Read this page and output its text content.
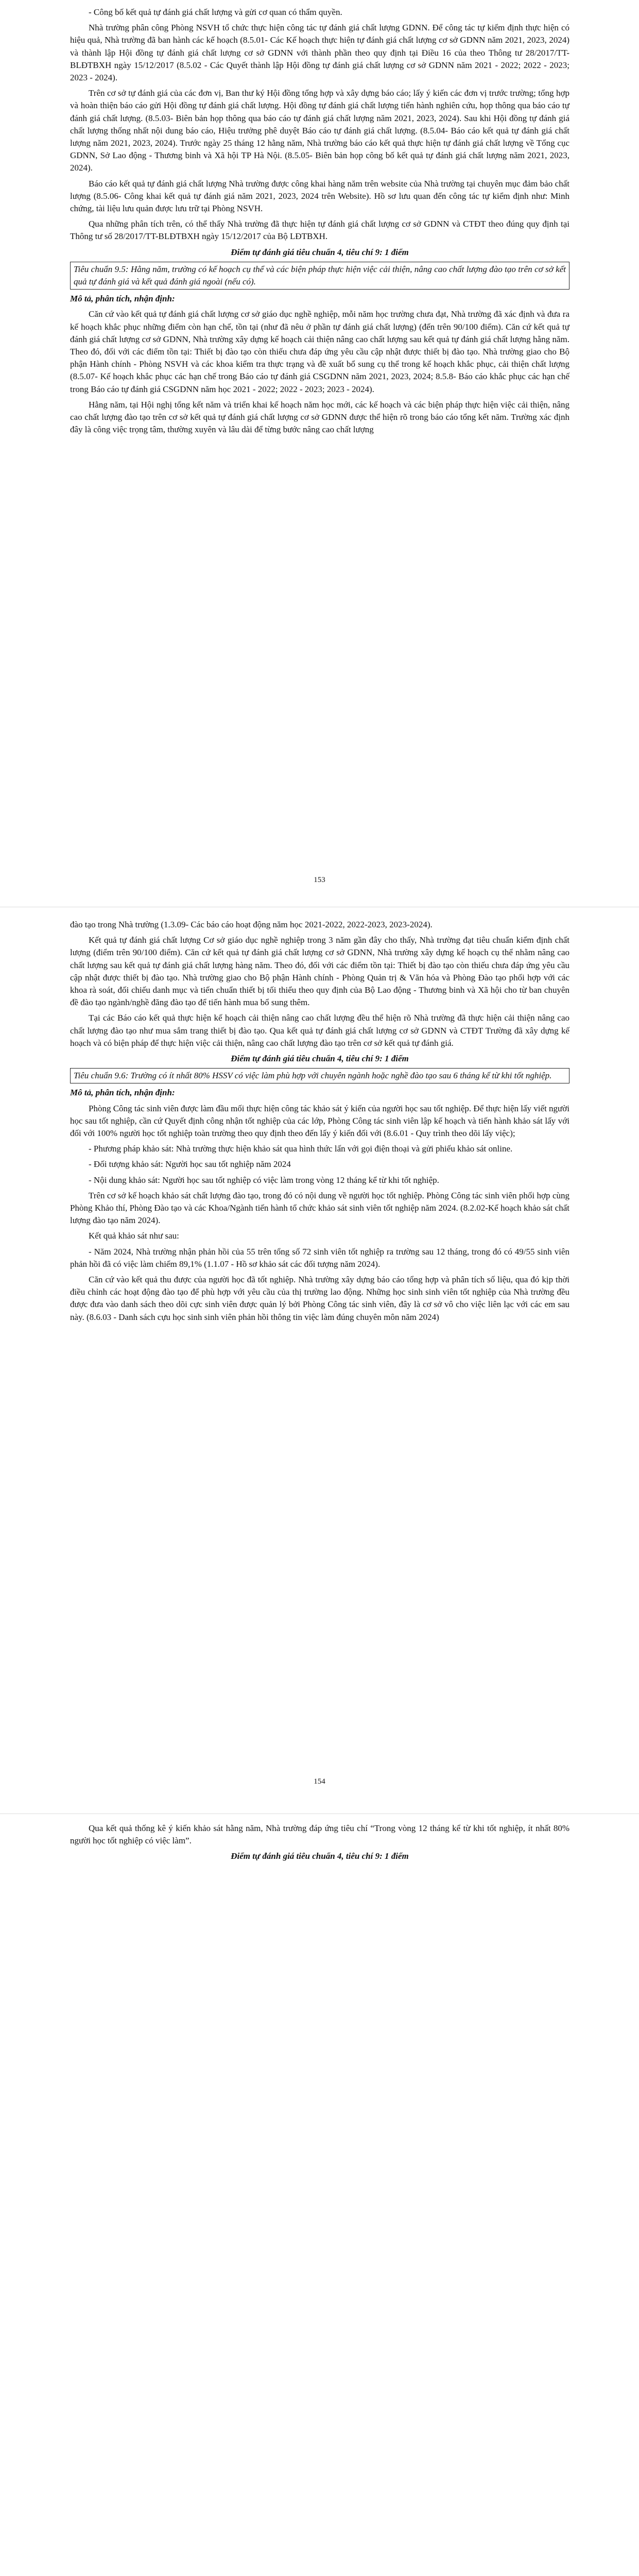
- Công bố kết quả tự đánh giá chất lượng và gửi cơ quan có thẩm quyền.

Nhà trường phân công Phòng NSVH tổ chức thực hiện công tác tự đánh giá chất lượng GDNN. Để công tác tự kiểm định thực hiện có hiệu quả, Nhà trường đã ban hành các kế hoạch (8.5.01- Các Kế hoạch thực hiện tự đánh giá chất lượng cơ sở GDNN năm 2021, 2023, 2024) và thành lập Hội đồng tự đánh giá chất lượng cơ sở GDNN với thành phần theo quy định tại Điều 16 của theo Thông tư 28/2017/TT-BLĐTBXH ngày 15/12/2017 (8.5.02 - Các Quyết thành lập Hội đồng tự đánh giá chất lượng cơ sở GDNN năm 2021 - 2022; 2022 - 2023; 2023 - 2024).

Trên cơ sở tự đánh giá của các đơn vị, Ban thư ký Hội đồng tổng hợp và xây dựng báo cáo; lấy ý kiến các đơn vị trước trường; tổng hợp và hoàn thiện báo cáo gửi Hội đồng tự đánh giá chất lượng. Hội đồng tự đánh giá chất lượng tiến hành nghiên cứu, họp thông qua báo cáo tự đánh giá chất lượng. (8.5.03- Biên bản họp thông qua báo cáo tự đánh giá chất lượng năm 2021, 2023, 2024). Sau khi Hội đồng tự đánh giá chất lượng thống nhất nội dung báo cáo, Hiệu trưởng phê duyệt Báo cáo tự đánh giá chất lượng. (8.5.04- Báo cáo kết quả tự đánh giá chất lượng năm 2021, 2023, 2024). Trước ngày 25 tháng 12 hằng năm, Nhà trường báo cáo kết quả thực hiện tự đánh giá chất lượng về Tổng cục GDNN, Sở Lao động - Thương binh và Xã hội TP Hà Nội. (8.5.05- Biên bản họp công bố kết quả tự đánh giá chất lượng năm 2021, 2023, 2024).

Báo cáo kết quả tự đánh giá chất lượng Nhà trường được công khai hàng năm trên website của Nhà trường tại chuyên mục đảm bảo chất lượng (8.5.06- Công khai kết quả tự đánh giá năm 2021, 2023, 2024 trên Website). Hồ sơ lưu quan đến công tác tự kiểm định như: Minh chứng, tài liệu lưu quản được lưu trữ tại Phòng NSVH.

Qua những phân tích trên, có thể thấy Nhà trường đã thực hiện tự đánh giá chất lượng cơ sở GDNN và CTĐT theo đúng quy định tại Thông tư số 28/2017/TT-BLĐTBXH ngày 15/12/2017 của Bộ LĐTBXH.

Điểm tự đánh giá tiêu chuẩn 4, tiêu chí 9: 1 điểm

Tiêu chuẩn 9.5: Hằng năm, trường có kế hoạch cụ thể và các biện pháp thực hiện việc cải thiện, nâng cao chất lượng đào tạo trên cơ sở kết quả tự đánh giá và kết quả đánh giá ngoài (nếu có).

Mô tả, phân tích, nhận định:

Căn cứ vào kết quả tự đánh giá chất lượng cơ sở giáo dục nghề nghiệp, mỗi năm học trường chưa đạt, Nhà trường đã xác định và đưa ra kế hoạch khắc phục những điểm còn hạn chế, tồn tại (như đã nêu ở phần tự đánh giá chất lượng) (đến trên 90/100 điểm). Căn cứ kết quả tự đánh giá chất lượng cơ sở GDNN, Nhà trường xây dựng kế hoạch cải thiện nâng cao chất lượng sau kết quả tự đánh giá chất lượng hằng năm. Theo đó, đối với các điểm tồn tại: Thiết bị đào tạo còn thiếu chưa đáp ứng yêu cầu cập nhật được thiết bị đào tạo. Nhà trường giao cho Bộ phận Hành chính - Phòng NSVH và các khoa kiểm tra thực trạng và đề xuất bổ sung cụ thể trong kế hoạch khắc phục, cải thiện chất lượng (8.5.07- Kế hoạch khắc phục các hạn chế trong Báo cáo tự đánh giá CSGDNN năm 2021, 2023, 2024; 8.5.8- Báo cáo khắc phục các hạn chế trong Báo cáo tự đánh giá CSGDNN năm học 2021 - 2022; 2022 - 2023; 2023 - 2024).

Hằng năm, tại Hội nghị tổng kết năm và triển khai kế hoạch năm học mới, các kế hoạch và các biện pháp thực hiện việc cải thiện, nâng cao chất lượng đào tạo trên cơ sở kết quả tự đánh giá chất lượng cơ sở GDNN được thể hiện rõ trong báo cáo tổng kết năm. Trường xác định đây là công việc trọng tâm, thường xuyên và lâu dài để từng bước nâng cao chất lượng

153

đào tạo trong Nhà trường (1.3.09- Các báo cáo hoạt động năm học 2021-2022, 2022-2023, 2023-2024).

Kết quả tự đánh giá chất lượng Cơ sở giáo dục nghề nghiệp trong 3 năm gần đây cho thấy, Nhà trường đạt tiêu chuẩn kiểm định chất lượng (điểm trên 90/100 điểm). Căn cứ kết quả tự đánh giá chất lượng cơ sở GDNN, Nhà trường xây dựng kế hoạch cụ thể nhằm nâng cao chất lượng sau kết quả tự đánh giá chất lượng hàng năm. Theo đó, đối với các điểm tồn tại: Thiết bị đào tạo còn thiếu chưa đáp ứng yêu cầu cập nhật được thiết bị đào tạo. Nhà trường giao cho Bộ phận Hành chính - Phòng Quản trị & Văn hóa và Phòng Đào tạo phối hợp với các khoa rà soát, đối chiếu danh mục và tiến chuẩn thiết bị tối thiểu theo quy định của Bộ Lao động - Thương binh và Xã hội cho từ ban chuyên đề đào tạo ngành/nghề đăng đào tạo để tiến hành mua bổ sung thêm.

Tại các Báo cáo kết quả thực hiện kế hoạch cải thiện nâng cao chất lượng đều thể hiện rõ Nhà trường đã thực hiện cải thiện nâng cao chất lượng đào tạo như mua sắm trang thiết bị đào tạo. Qua kết quả tự đánh giá chất lượng cơ sở GDNN và CTĐT Trường đã xây dựng kế hoạch và có biện pháp để thực hiện việc cải thiện, nâng cao chất lượng đào tạo trên cơ sở kết quả tự đánh giá.

Điểm tự đánh giá tiêu chuẩn 4, tiêu chí 9: 1 điểm

Tiêu chuẩn 9.6: Trường có ít nhất 80% HSSV có việc làm phù hợp với chuyên ngành hoặc nghề đào tạo sau 6 tháng kể từ khi tốt nghiệp.

Mô tả, phân tích, nhận định:

Phòng Công tác sinh viên được làm đầu mối thực hiện công tác khảo sát ý kiến của người học sau tốt nghiệp. Để thực hiện lấy viết người học sau tốt nghiệp, cần cứ Quyết định công nhận tốt nghiệp của các lớp, Phòng Công tác sinh viên lập kế hoạch và tiến hành khảo sát lấy với đối với 100% người học tốt nghiệp toàn trường theo quy định theo đến lấy ý kiến đối với (8.6.01 - Quy trình theo dõi lấy việc);

- Phương pháp khảo sát: Nhà trường thực hiện khảo sát qua hình thức lấn với gọi điện thoại và gửi phiếu khảo sát online.

- Đối tượng khảo sát: Người học sau tốt nghiệp năm 2024

- Nội dung khảo sát: Người học sau tốt nghiệp có việc làm trong vòng 12 tháng kể từ khi tốt nghiệp.

Trên cơ sở kế hoạch khảo sát chất lượng đào tạo, trong đó có nội dung về người học tốt nghiệp. Phòng Công tác sinh viên phối hợp cùng Phòng Khảo thí, Phòng Đào tạo và các Khoa/Ngành tiến hành tổ chức khảo sát sinh viên tốt nghiệp năm 2024. (8.2.02-Kế hoạch khảo sát chất lượng đào tạo năm 2024).

Kết quả khảo sát như sau:

- Năm 2024, Nhà trường nhận phản hồi của 55 trên tổng số 72 sinh viên tốt nghiệp ra trường sau 12 tháng, trong đó có 49/55 sinh viên phản hồi đã có việc làm chiếm 89,1% (1.1.07 - Hồ sơ khảo sát các đối tượng năm 2024).

Căn cứ vào kết quả thu được của người học đã tốt nghiệp. Nhà trường xây dựng báo cáo tổng hợp và phân tích số liệu, qua đó kịp thời điều chỉnh các hoạt động đào tạo để phù hợp với yêu cầu của thị trường lao động. Những học sinh sinh viên tốt nghiệp của Nhà trường đều được đưa vào danh sách theo dõi cực sinh viên được quản lý bởi Phòng Công tác sinh viên, đây là cơ sở vô cho việc liên lạc với các em sau này. (8.6.03 - Danh sách cựu học sinh sinh viên phản hồi thông tin việc làm đúng chuyên môn năm 2024)

154

Qua kết quả thống kê ý kiến khảo sát hằng năm, Nhà trường đáp ứng tiêu chí “Trong vòng 12 tháng kể từ khi tốt nghiệp, ít nhất 80% người học tốt nghiệp có việc làm”.

Điểm tự đánh giá tiêu chuẩn 4, tiêu chí 9: 1 điểm
